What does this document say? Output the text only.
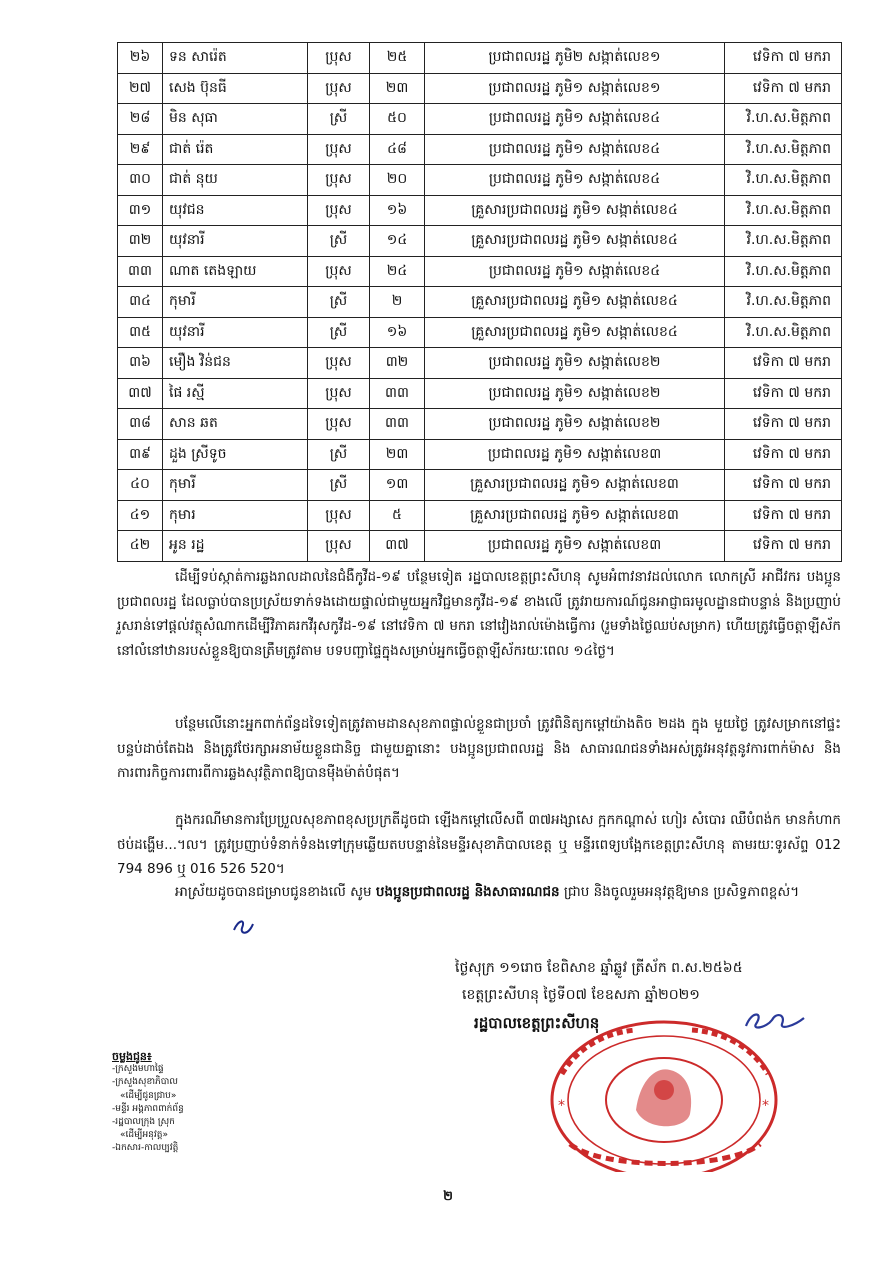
២៦	ទន សារ៉េត	ប្រុស	២៥	ប្រជាពលរដ្ឋ ភូមិ២ សង្កាត់លេខ១	វេទិកា ៧ មករា
២៧	សេង ប៊ុនធី	ប្រុស	២៣	ប្រជាពលរដ្ឋ ភូមិ១ សង្កាត់លេខ១	វេទិកា ៧ មករា
២៨	មិន សុធា	ស្រី	៥០	ប្រជាពលរដ្ឋ ភូមិ១ សង្កាត់លេខ៤	វិ.ហ.ស.មិត្តភាព
២៩	ជាត់ រ៉េត	ប្រុស	៤៨	ប្រជាពលរដ្ឋ ភូមិ១ សង្កាត់លេខ៤	វិ.ហ.ស.មិត្តភាព
៣០	ជាត់ នុយ	ប្រុស	២០	ប្រជាពលរដ្ឋ ភូមិ១ សង្កាត់លេខ៤	វិ.ហ.ស.មិត្តភាព
៣១	យុវជន	ប្រុស	១៦	គ្រួសារប្រជាពលរដ្ឋ ភូមិ១ សង្កាត់លេខ៤	វិ.ហ.ស.មិត្តភាព
៣២	យុវនារី	ស្រី	១៤	គ្រួសារប្រជាពលរដ្ឋ ភូមិ១ សង្កាត់លេខ៤	វិ.ហ.ស.មិត្តភាព
៣៣	ណាត តេងឡាយ	ប្រុស	២៤	ប្រជាពលរដ្ឋ ភូមិ១ សង្កាត់លេខ៤	វិ.ហ.ស.មិត្តភាព
៣៤	កុមារី	ស្រី	២	គ្រួសារប្រជាពលរដ្ឋ ភូមិ១ សង្កាត់លេខ៤	វិ.ហ.ស.មិត្តភាព
៣៥	យុវនារី	ស្រី	១៦	គ្រួសារប្រជាពលរដ្ឋ ភូមិ១ សង្កាត់លេខ៤	វិ.ហ.ស.មិត្តភាព
៣៦	មឿង វិន់ជន	ប្រុស	៣២	ប្រជាពលរដ្ឋ ភូមិ១ សង្កាត់លេខ២	វេទិកា ៧ មករា
៣៧	ផៃ រស្មី	ប្រុស	៣៣	ប្រជាពលរដ្ឋ ភូមិ១ សង្កាត់លេខ២	វេទិកា ៧ មករា
៣៨	សាន ឆត	ប្រុស	៣៣	ប្រជាពលរដ្ឋ ភូមិ១ សង្កាត់លេខ២	វេទិកា ៧ មករា
៣៩	ដួង ស្រីទូច	ស្រី	២៣	ប្រជាពលរដ្ឋ ភូមិ១ សង្កាត់លេខ៣	វេទិកា ៧ មករា
៤០	កុមារី	ស្រី	១៣	គ្រួសារប្រជាពលរដ្ឋ ភូមិ១ សង្កាត់លេខ៣	វេទិកា ៧ មករា
៤១	កុមារ	ប្រុស	៥	គ្រួសារប្រជាពលរដ្ឋ ភូមិ១ សង្កាត់លេខ៣	វេទិកា ៧ មករា
៤២	អូន រដ្ឋ	ប្រុស	៣៧	ប្រជាពលរដ្ឋ ភូមិ១ សង្កាត់លេខ៣	វេទិកា ៧ មករា

ដើម្បីទប់ស្កាត់ការឆ្លងរាលដាលនៃជំងឺកូវីដ-១៩ បន្ថែមទៀត រដ្ឋបាលខេត្តព្រះសីហនុ សូមអំពាវនាវដល់លោក លោកស្រី អាជីវករ បងប្អូនប្រជាពលរដ្ឋ ដែលធ្លាប់បានប្រស្រ័យទាក់ទងដោយផ្ទាល់ជាមួយអ្នកវិជ្ជមានកូវីដ-១៩ ខាងលើ ត្រូវរាយការណ៍ជូនអាជ្ញាធរមូលដ្ឋានជាបន្ទាន់ និងប្រញាប់រួសរាន់ទៅផ្តល់វត្ថុសំណាកដើម្បីវិភាគរកវីរុសកូវីដ-១៩ នៅវេទិកា ៧ មករា នៅវៀងរាល់ម៉ោងធ្វើការ (រួមទាំងថ្ងៃឈប់សម្រាក) ហើយត្រូវធ្វើចត្តាឡីស័កនៅលំនៅឋានរបស់ខ្លួនឱ្យបានត្រឹមត្រូវតាម បទបញ្ជាផ្ទៃក្នុងសម្រាប់អ្នកធ្វើចត្តាឡីស័ករយៈពេល ១៤ថ្ងៃ។

បន្ថែមលើនោះអ្នកពាក់ព័ន្ធដទៃទៀតត្រូវតាមដានសុខភាពផ្ទាល់ខ្លួនជាប្រចាំ ត្រូវពិនិត្យកម្តៅយ៉ាងតិច ២ដង ក្នុង មួយថ្ងៃ ត្រូវសម្រាកនៅផ្ទះបន្ទប់ដាច់តែឯង និងត្រូវថែរក្សាអនាម័យខ្លួនជានិច្ច ជាមួយគ្នានោះ បងប្អូនប្រជាពលរដ្ឋ និង សាធារណជនទាំងអស់ត្រូវអនុវត្តនូវការពាក់ម៉ាស និងការពារកិច្ចការពារពីការឆ្លងសុវត្ថិភាពឱ្យបានម៉ឺងម៉ាត់បំផុត។

ក្នុងករណីមានការប្រែប្រួលសុខភាពខុសប្រក្រតីដូចជា ឡើងកម្តៅលើសពី ៣៧អង្សាសេ ក្អកកណ្តាស់ ហៀរ សំបោរ ឈឺបំពង់ក មានកំហាក ថប់ដង្ហើម...។ល។ ត្រូវប្រញាប់ទំនាក់ទំនងទៅក្រុមឆ្លើយតបបន្ទាន់នៃមន្ទីរសុខាភិបាលខេត្ត ឬ មន្ទីរពេទ្យបង្អែកខេត្តព្រះសីហនុ តាមរយៈទូរស័ព្ទ 012 794 896 ឬ 016 526 520។

អាស្រ័យដូចបានជម្រាបជូនខាងលើ សូម បងប្អូនប្រជាពលរដ្ឋ និងសាធារណជន ជ្រាប និងចូលរួមអនុវត្តឱ្យមាន ប្រសិទ្ធភាពខ្ពស់។

ថ្ងៃសុក្រ ១១រោច ខែពិសាខ ឆ្នាំឆ្លូវ ត្រីស័ក ព.ស.២៥៦៥
ខេត្តព្រះសីហនុ ថ្ងៃទី០៧ ខែឧសភា ឆ្នាំ២០២១
រដ្ឋបាលខេត្តព្រះសីហនុ
ចម្លងជូន៖
-ក្រសួងមហាផ្ទៃ
-ក្រសួងសុខាភិបាល
«ដើម្បីជូនជ្រាប»
-មន្ទីរ អង្គភាពពាក់ព័ន្ធ
-រដ្ឋបាលក្រុង ស្រុក
«ដើម្បីអនុវត្ត»
-ឯកសារ-កាលប្បវត្តិ
*	*
២
